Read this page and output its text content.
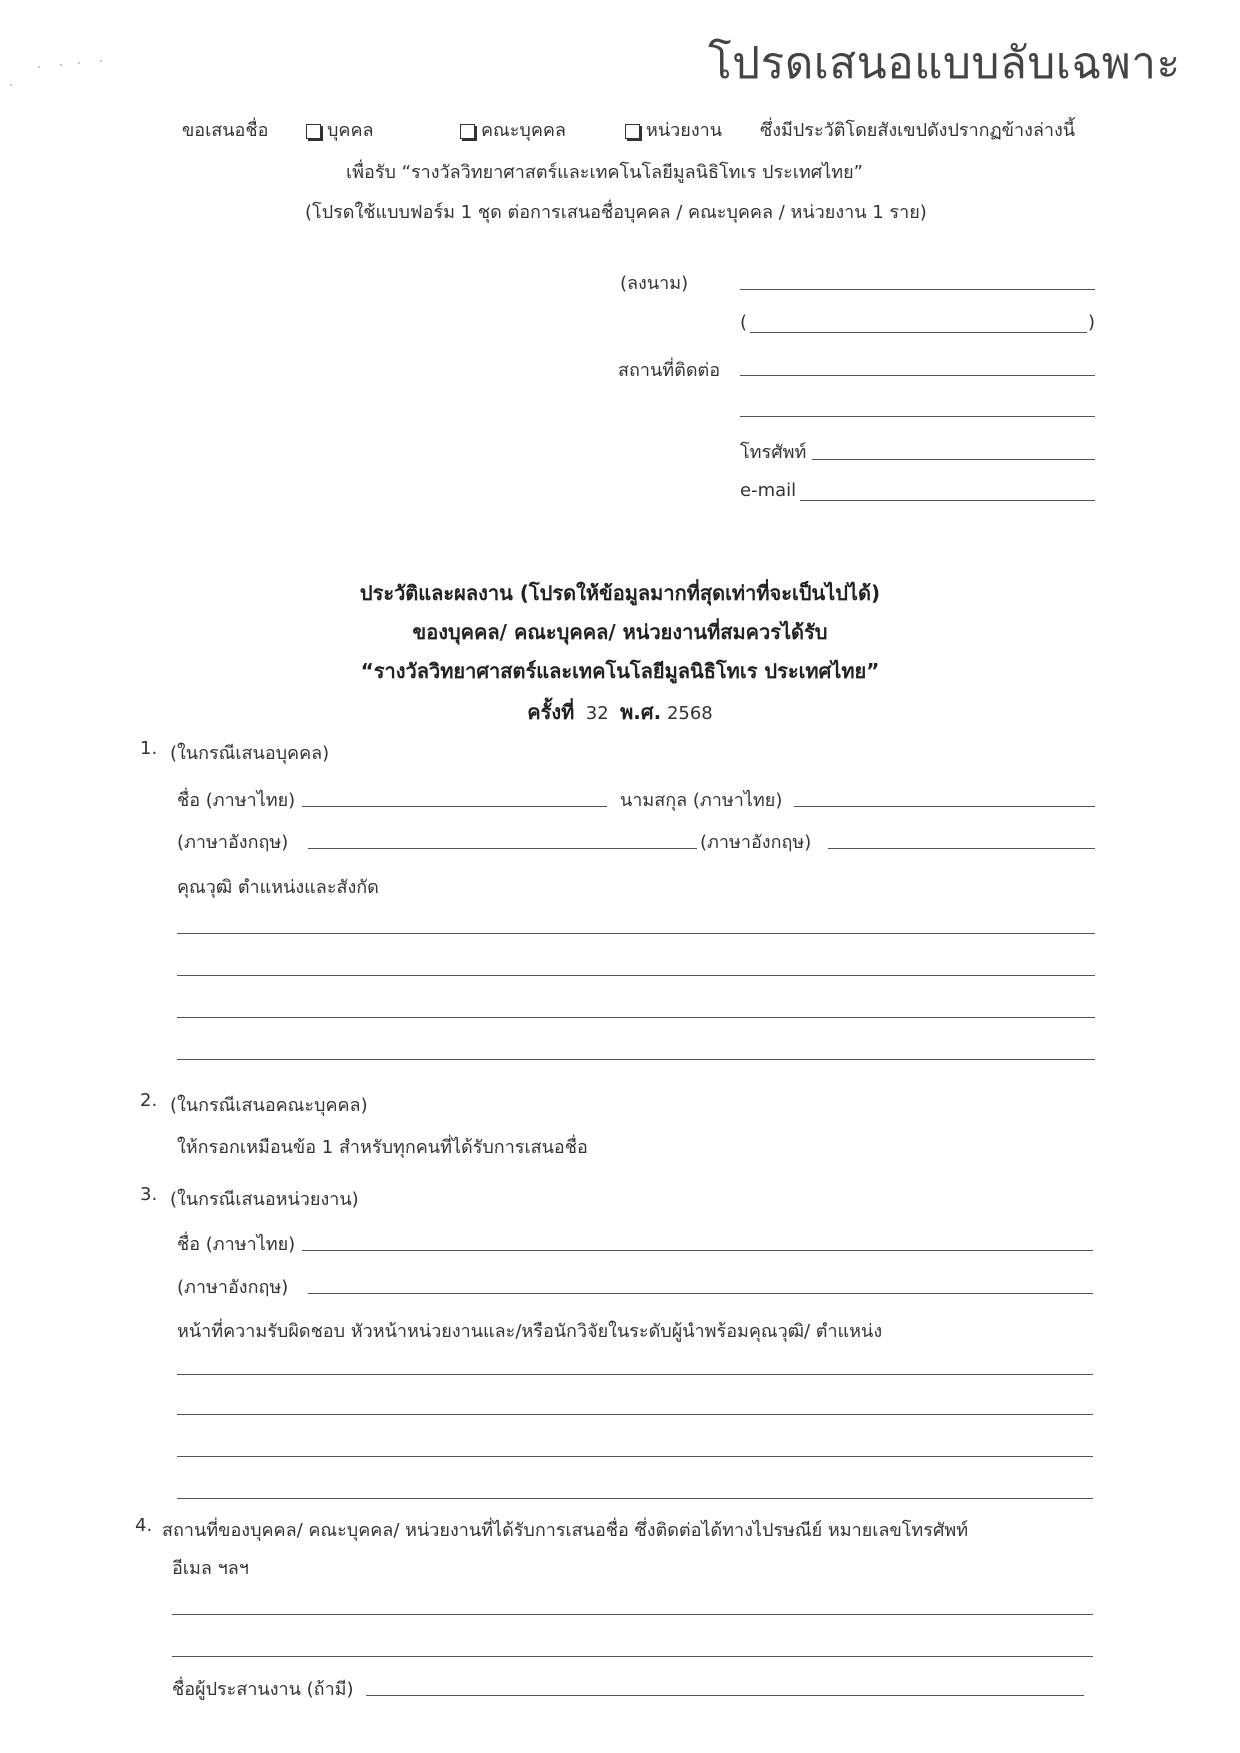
โปรดเสนอแบบลับเฉพาะ
ขอเสนอชื่อ	บุคคล	คณะบุคคล	หน่วยงาน ซึ่งมีประวัติโดยสังเขปดังปรากฏข้างล่างนี้
เพื่อรับ “รางวัลวิทยาศาสตร์และเทคโนโลยีมูลนิธิโทเร ประเทศไทย”
(โปรดใช้แบบฟอร์ม 1 ชุด ต่อการเสนอชื่อบุคคล / คณะบุคคล / หน่วยงาน 1 ราย)
(ลงนาม)
(	)
สถานที่ติดต่อ
โทรศัพท์
e-mail
ประวัติและผลงาน (โปรดให้ข้อมูลมากที่สุดเท่าที่จะเป็นไปได้)
ของบุคคล/ คณะบุคคล/ หน่วยงานที่สมควรได้รับ
“รางวัลวิทยาศาสตร์และเทคโนโลยีมูลนิธิโทเร ประเทศไทย”
ครั้งที่ 32 พ.ศ. 2568
1. (ในกรณีเสนอบุคคล)
ชื่อ (ภาษาไทย)	นามสกุล (ภาษาไทย)
(ภาษาอังกฤษ)	(ภาษาอังกฤษ)
คุณวุฒิ ตำแหน่งและสังกัด
2. (ในกรณีเสนอคณะบุคคล)
ให้กรอกเหมือนข้อ 1 สำหรับทุกคนที่ได้รับการเสนอชื่อ
3. (ในกรณีเสนอหน่วยงาน)
ชื่อ (ภาษาไทย)
(ภาษาอังกฤษ)
หน้าที่ความรับผิดชอบ หัวหน้าหน่วยงานและ/หรือนักวิจัยในระดับผู้นำพร้อมคุณวุฒิ/ ตำแหน่ง
4. สถานที่ของบุคคล/ คณะบุคคล/ หน่วยงานที่ได้รับการเสนอชื่อ ซึ่งติดต่อได้ทางไปรษณีย์ หมายเลขโทรศัพท์
อีเมล ฯลฯ
ชื่อผู้ประสานงาน (ถ้ามี)
